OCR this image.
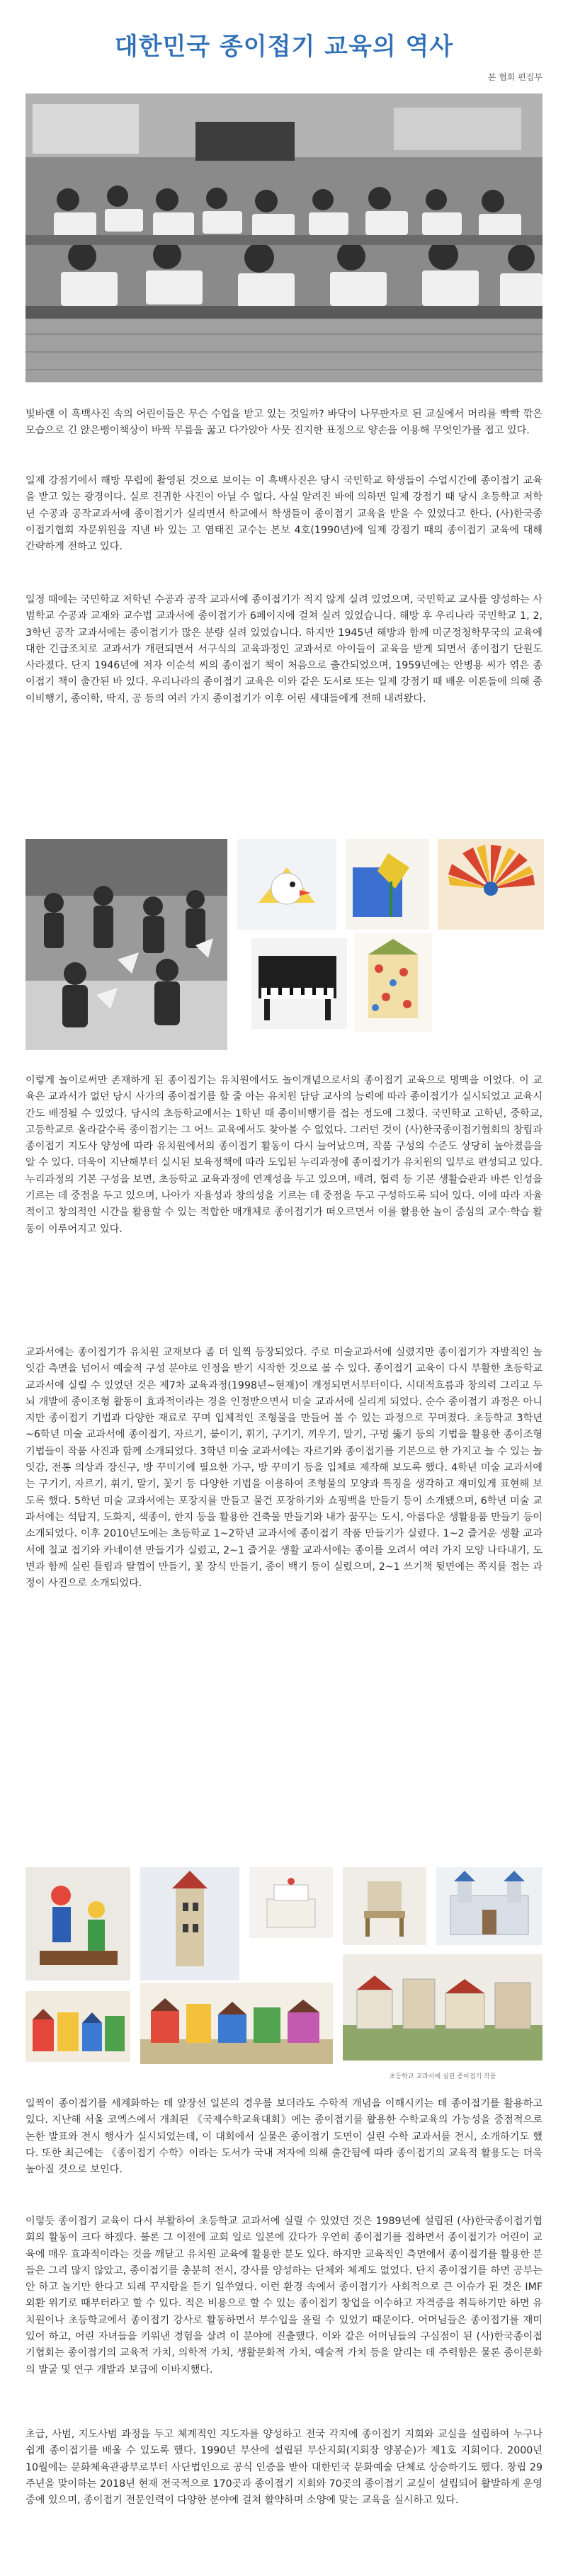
대한민국 종이접기 교육의 역사
본 협회 편집부

빛바랜 이 흑백사진 속의 어린이들은 무슨 수업을 받고 있는 것일까? 바닥이 나무판자로 된 교실에서 머리를 빡빡 깎은 모습으로 긴 앉은뱅이책상이 바짝 무릎을 꿇고 다가앉아 사뭇 진지한 표정으로 양손을 이용해 무엇인가를 접고 있다.

일제 강점기에서 해방 무렵에 촬영된 것으로 보이는 이 흑백사진은 당시 국민학교 학생들이 수업시간에 종이접기 교육을 받고 있는 광경이다. 실로 진귀한 사진이 아닐 수 없다. 사실 알려진 바에 의하면 일제 강점기 때 당시 초등학교 저학년 수공과 공작교과서에 종이접기가 실리면서 학교에서 학생들이 종이접기 교육을 받을 수 있었다고 한다. (사)한국종이접기협회 자문위원을 지낸 바 있는 고 염태진 교수는 본보 4호(1990년)에 일제 강점기 때의 종이접기 교육에 대해 간략하게 전하고 있다.

일정 때에는 국민학교 저학년 수공과 공작 교과서에 종이접기가 적지 않게 실려 있었으며, 국민학교 교사를 양성하는 사범학교 수공과 교재와 교수법 교과서에 종이접기가 6페이지에 걸쳐 실려 있었습니다. 해방 후 우리나라 국민학교 1, 2, 3학년 공작 교과서에는 종이접기가 많은 분량 실려 있었습니다. 하지만 1945년 해방과 함께 미군정청학무국의 교육에 대한 긴급조치로 교과서가 개편되면서 서구식의 교육과정인 교과서로 아이들이 교육을 받게 되면서 종이접기 단원도 사라졌다. 단지 1946년에 저자 이순석 씨의 종이접기 책이 처음으로 출간되었으며, 1959년에는 안병용 씨가 엮은 종이접기 책이 출간된 바 있다. 우리나라의 종이접기 교육은 이와 같은 도서로 또는 일제 강점기 때 배운 이론들에 의해 종이비행기, 종이학, 딱지, 공 등의 여러 가지 종이접기가 이후 어린 세대들에게 전해 내려왔다.

이렇게 놀이로써만 존재하게 된 종이접기는 유치원에서도 놀이개념으로서의 종이접기 교육으로 명맥을 이었다. 이 교육은 교과서가 없던 당시 사가의 종이접기를 할 줄 아는 유치원 담당 교사의 능력에 따라 종이접기가 실시되었고 교육시간도 배정될 수 있었다. 당시의 초등학교에서는 1학년 때 종이비행기를 접는 정도에 그쳤다. 국민학교 고학년, 중학교, 고등학교로 올라갈수록 종이접기는 그 어느 교육에서도 찾아볼 수 없었다. 그러던 것이 (사)한국종이접기협회의 창립과 종이접기 지도사 양성에 따라 유치원에서의 종이접기 활동이 다시 늘어났으며, 작품 구성의 수준도 상당히 높아졌음을 알 수 있다. 더욱이 지난해부터 실시된 보육정책에 따라 도입된 누리과정에 종이접기가 유치원의 일부로 편성되고 있다. 누리과정의 기본 구성을 보면, 초등학교 교육과정에 연계성을 두고 있으며, 배려, 협력 등 기본 생활습관과 바른 인성을 기르는 데 중점을 두고 있으며, 나아가 자율성과 창의성을 기르는 데 중점을 두고 구성하도록 되어 있다. 이에 따라 자율적이고 창의적인 시간을 활용할 수 있는 적합한 매개체로 종이접기가 떠오르면서 이를 활용한 놀이 중심의 교수·학습 활동이 이루어지고 있다.

교과서에는 종이접기가 유치원 교재보다 좀 더 일찍 등장되었다. 주로 미술교과서에 실렸지만 종이접기가 자발적인 놀잇감 측면을 넘어서 예술적 구성 분야로 인정을 받기 시작한 것으로 볼 수 있다. 종이접기 교육이 다시 부활한 초등학교 교과서에 실릴 수 있었던 것은 제7차 교육과정(1998년~현재)이 개정되면서부터이다. 시대적흐름과 창의력 그리고 두뇌 개발에 종이조형 활동이 효과적이라는 경을 인정받으면서 미술 교과서에 실리게 되었다. 순수 종이접기 과정은 아니지만 종이접기 기법과 다양한 재료로 꾸며 입체적인 조형물을 만들어 볼 수 있는 과정으로 꾸며졌다. 초등학교 3학년~6학년 미술 교과서에 종이접기, 자르기, 붙이기, 휘기, 구기기, 끼우기, 말기, 구멍 뚫기 등의 기법을 활용한 종이조형기법들이 작품 사진과 함께 소개되었다. 3학년 미술 교과서에는 자르기와 종이접기를 기본으로 한 가지고 놀 수 있는 놀잇감, 전통 의상과 장신구, 방 꾸미기에 필요한 가구, 방 꾸미기 등을 입체로 제작해 보도록 했다. 4학년 미술 교과서에는 구기기, 자르기, 휘기, 말기, 꽃기 등 다양한 기법을 이용하여 조형물의 모양과 특징을 생각하고 재미있게 표현해 보도록 했다. 5학년 미술 교과서에는 포장지를 만들고 물건 포장하기와 쇼핑백을 만들기 등이 소개됐으며, 6학년 미술 교과서에는 석탑지, 도화지, 색종이, 한지 등을 활용한 건축물 만들기와 내가 꿈꾸는 도시, 아름다운 생활용품 만들기 등이 소개되었다. 이후 2010년도에는 초등학교 1~2학년 교과서에 종이접기 작품 만들기가 실렸다. 1~2 즐거운 생활 교과서에 칠교 접기와 카네이션 만들기가 실렸고, 2~1 즐거운 생활 교과서에는 종이를 오려서 여러 가지 모양 나타내기, 도면과 함께 실린 틀림과 탈껍이 만들기, 꽃 장식 만들기, 종이 백기 등이 실렸으며, 2~1 쓰기책 뒷면에는 쪽지를 접는 과정이 사진으로 소개되었다.

초등학교 교과서에 실린 종이접기 작품

일찍이 종이접기를 세계화하는 데 앞장선 일본의 경우를 보더라도 수학적 개념을 이해시키는 데 종이접기를 활용하고 있다. 지난해 서울 코엑스에서 개최된 《국제수학교육대회》에는 종이접기를 활용한 수학교육의 가능성을 중점적으로 논한 발표와 전시 행사가 실시되었는데, 이 대회에서 실물은 종이접기 도면이 실린 수학 교과서를 전시, 소개하기도 했다. 또한 최근에는 《종이접기 수학》이라는 도서가 국내 저자에 의해 출간됨에 따라 종이접기의 교육적 활용도는 더욱 높아질 것으로 보인다.

이렇듯 종이접기 교육이 다시 부활하여 초등학교 교과서에 실릴 수 있었던 것은 1989년에 설립된 (사)한국종이접기협회의 활동이 크다 하겠다. 불론 그 이전에 교회 일로 일본에 갔다가 우연히 종이접기를 접하면서 종이접기가 어린이 교육에 매우 효과적이라는 것을 깨닫고 유치원 교육에 활용한 분도 있다. 하지만 교육적인 측면에서 종이접기를 활용한 분들은 그리 많지 않았고, 종이접기를 충분히 전시, 강사를 양성하는 단체와 체계도 없었다. 단지 종이접기를 하면 공부는 안 하고 놀기만 한다고 되레 꾸지람을 듣기 일쑤였다. 이런 환경 속에서 종이접기가 사회적으로 큰 이슈가 된 것은 IMF 외환 위기로 때부터라고 할 수 있다. 적은 비용으로 할 수 있는 종이접기 창업을 이수하고 자격증을 취득하기만 하면 유치원이나 초등학교에서 종이접기 강사로 활동하면서 부수입을 올릴 수 있었기 때문이다. 어머님들은 종이접기를 재미있어 하고, 어린 자녀들을 키워낸 경험을 살려 이 분야에 진출했다. 이와 같은 어머님들의 구심점이 된 (사)한국종이접기협회는 종이접기의 교육적 가치, 의학적 가치, 생활문화적 가치, 예술적 가치 등을 알리는 데 주력함은 물론 종이문화의 발굴 및 연구 개발과 보급에 이바지했다.

초급, 사범, 지도사범 과정을 두고 체계적인 지도자를 양성하고 전국 각지에 종이접기 지회와 교실을 설립하여 누구나 쉽게 종이접기를 배울 수 있도록 했다. 1990년 부산에 설립된 부산지회(지회장 양봉순)가 제1호 지회이다. 2000년 10월에는 문화체육관광부로부터 사단법인으로 공식 인증을 받아 대한민국 문화예술 단체로 상승하기도 했다. 창립 29주년을 맞이하는 2018년 현재 전국적으로 170곳과 종이접기 지회와 70곳의 종이접기 교실이 설립되어 활발하게 운영중에 있으며, 종이접기 전문인력이 다양한 분야에 걸쳐 활약하며 소양에 맞는 교육을 실시하고 있다.
